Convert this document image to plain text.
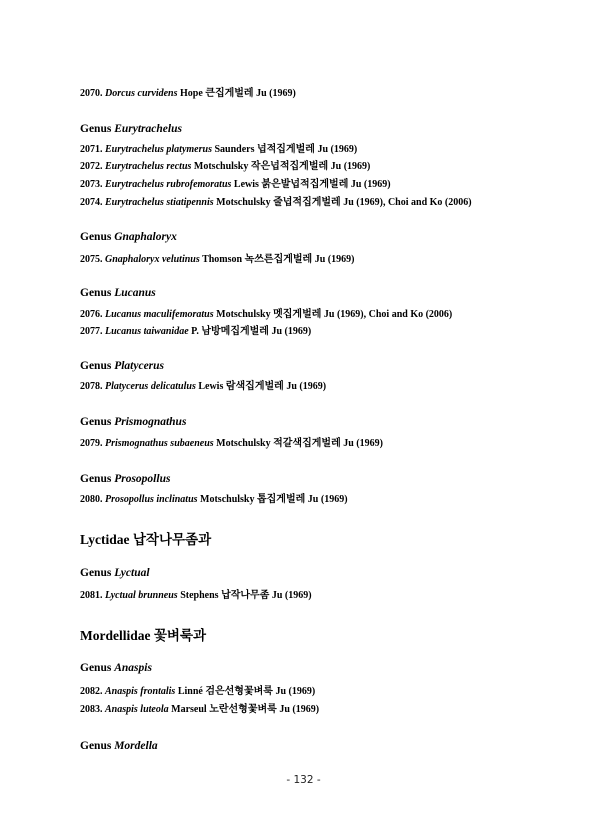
2070. Dorcus curvidens Hope 큰집게벌레 Ju (1969)
Genus Eurytrachelus
2071. Eurytrachelus platymerus Saunders 넙적집게벌레 Ju (1969)
2072. Eurytrachelus rectus Motschulsky 작은넙적집게벌레 Ju (1969)
2073. Eurytrachelus rubrofemoratus Lewis 붉은발넙적집게벌레 Ju (1969)
2074. Eurytrachelus stiatipennis Motschulsky 줄넙적집게벌레 Ju (1969), Choi and Ko (2006)
Genus Gnaphaloryx
2075. Gnaphaloryx velutinus Thomson 녹쓰른집게벌레 Ju (1969)
Genus Lucanus
2076. Lucanus maculifemoratus Motschulsky 멧집게벌레 Ju (1969), Choi and Ko (2006)
2077. Lucanus taiwanidae P. 남방메집게벌레 Ju (1969)
Genus Platycerus
2078. Platycerus delicatulus Lewis 람색집게벌레 Ju (1969)
Genus Prismognathus
2079. Prismognathus subaeneus Motschulsky 적갈색집게벌레 Ju (1969)
Genus Prosopollus
2080. Prosopollus inclinatus Motschulsky 톱집게벌레 Ju (1969)
Lyctidae 납작나무좀과
Genus Lyctual
2081. Lyctual brunneus Stephens 납작나무좀 Ju (1969)
Mordellidae 꽃벼룩과
Genus Anaspis
2082. Anaspis frontalis Linné 검은선형꽃벼룩 Ju (1969)
2083. Anaspis luteola Marseul 노란선형꽃벼룩 Ju (1969)
Genus Mordella
- 132 -
